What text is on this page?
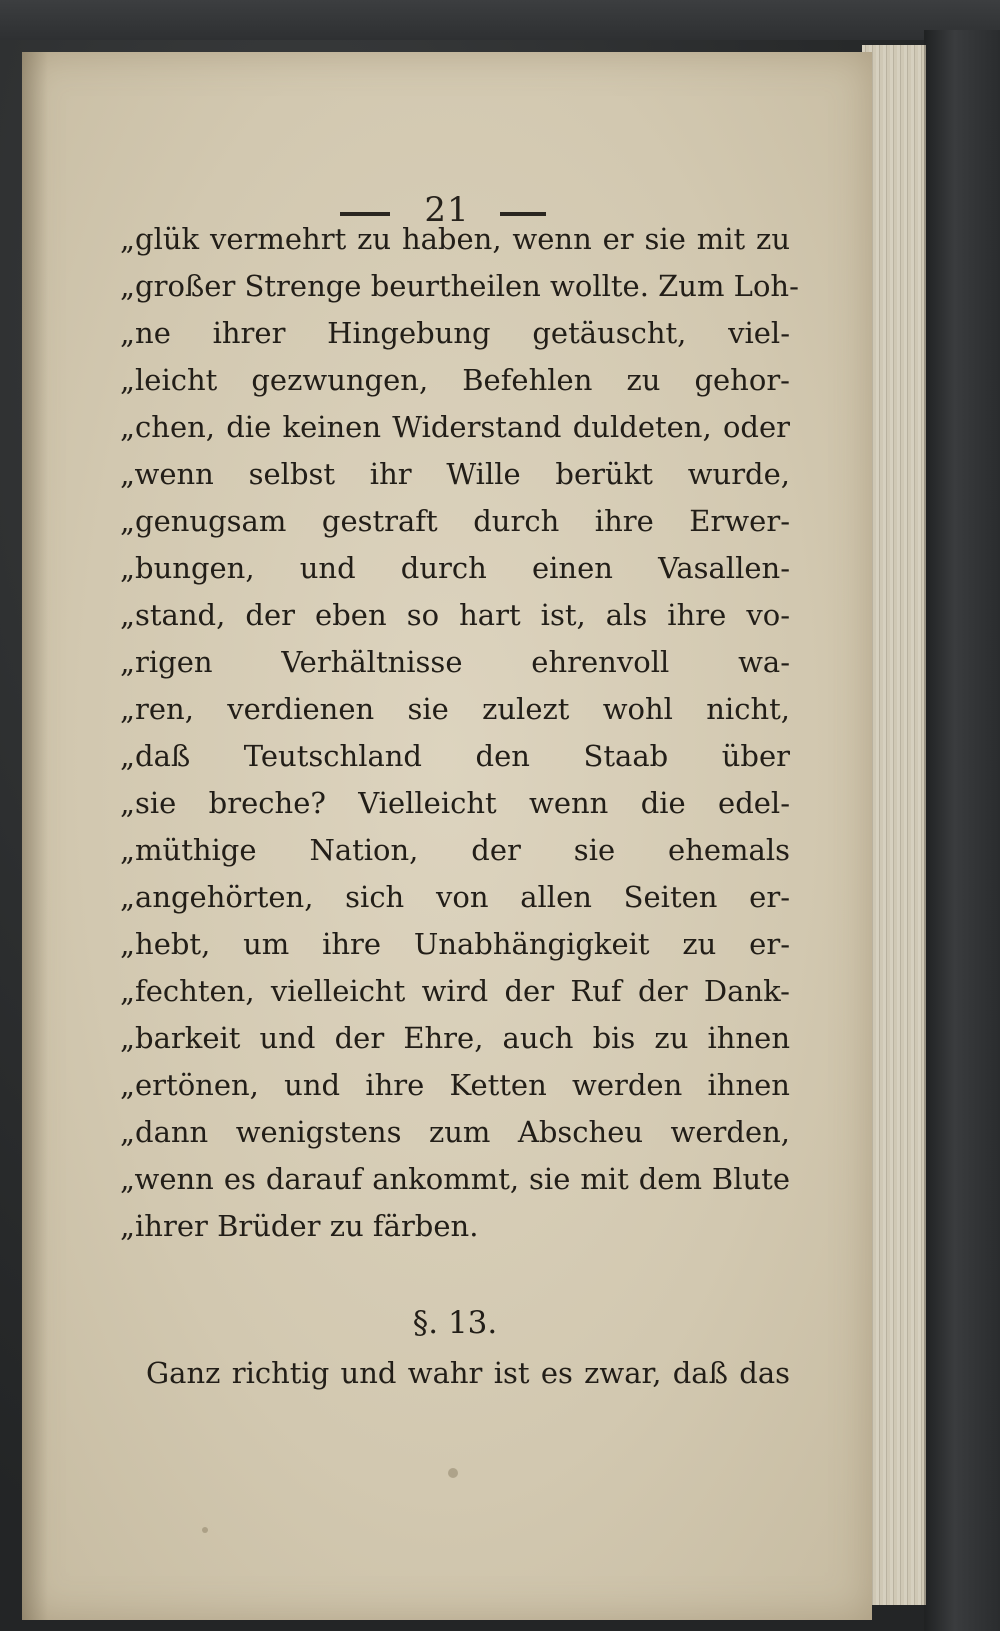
21
„glük vermehrt zu haben, wenn er sie mit zu
„großer Strenge beurtheilen wollte. Zum Loh-
„ne ihrer Hingebung getäuscht, viel-
„leicht gezwungen, Befehlen zu gehor-
„chen, die keinen Widerstand duldeten, oder
„wenn selbst ihr Wille berükt wurde,
„genugsam gestraft durch ihre Erwer-
„bungen, und durch einen Vasallen-
„stand, der eben so hart ist, als ihre vo-
„rigen Verhältnisse ehrenvoll wa-
„ren, verdienen sie zulezt wohl nicht,
„daß Teutschland den Staab über
„sie breche? Vielleicht wenn die edel-
„müthige Nation, der sie ehemals
„angehörten, sich von allen Seiten er-
„hebt, um ihre Unabhängigkeit zu er-
„fechten, vielleicht wird der Ruf der Dank-
„barkeit und der Ehre, auch bis zu ihnen
„ertönen, und ihre Ketten werden ihnen
„dann wenigstens zum Abscheu werden,
„wenn es darauf ankommt, sie mit dem Blute
„ihrer Brüder zu färben.
§. 13.
Ganz richtig und wahr ist es zwar, daß das
